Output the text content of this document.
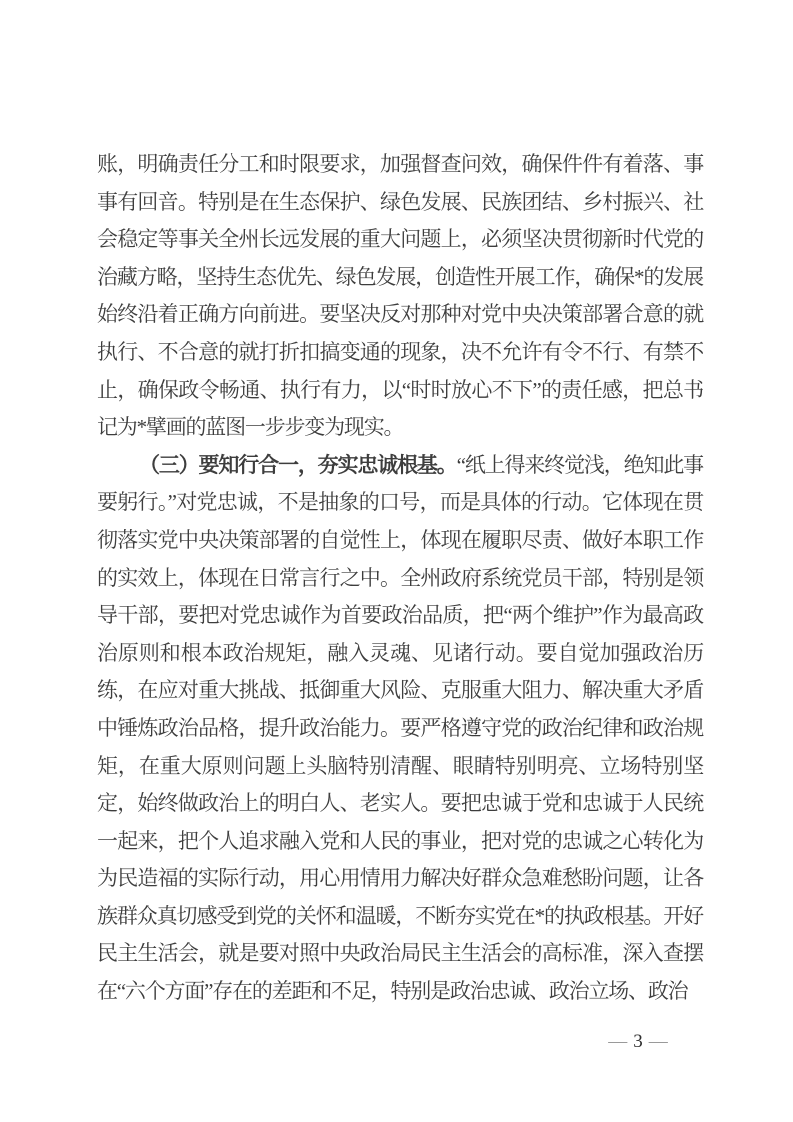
账，明确责任分工和时限要求，加强督查问效，确保件件有着落、事事有回音。特别是在生态保护、绿色发展、民族团结、乡村振兴、社会稳定等事关全州长远发展的重大问题上，必须坚决贯彻新时代党的治藏方略，坚持生态优先、绿色发展，创造性开展工作，确保*的发展始终沿着正确方向前进。要坚决反对那种对党中央决策部署合意的就执行、不合意的就打折扣搞变通的现象，决不允许有令不行、有禁不止，确保政令畅通、执行有力，以“时时放心不下”的责任感，把总书记为*擘画的蓝图一步步变为现实。

（三）要知行合一，夯实忠诚根基。“纸上得来终觉浅，绝知此事要躬行。”对党忠诚，不是抽象的口号，而是具体的行动。它体现在贯彻落实党中央决策部署的自觉性上，体现在履职尽责、做好本职工作的实效上，体现在日常言行之中。全州政府系统党员干部，特别是领导干部，要把对党忠诚作为首要政治品质，把“两个维护”作为最高政治原则和根本政治规矩，融入灵魂、见诸行动。要自觉加强政治历练，在应对重大挑战、抵御重大风险、克服重大阻力、解决重大矛盾中锤炼政治品格，提升政治能力。要严格遵守党的政治纪律和政治规矩，在重大原则问题上头脑特别清醒、眼睛特别明亮、立场特别坚定，始终做政治上的明白人、老实人。要把忠诚于党和忠诚于人民统一起来，把个人追求融入党和人民的事业，把对党的忠诚之心转化为为民造福的实际行动，用心用情用力解决好群众急难愁盼问题，让各族群众真切感受到党的关怀和温暖，不断夯实党在*的执政根基。开好民主生活会，就是要对照中央政治局民主生活会的高标准，深入查摆在“六个方面”存在的差距和不足，特别是政治忠诚、政治立场、政治

— 3 —
